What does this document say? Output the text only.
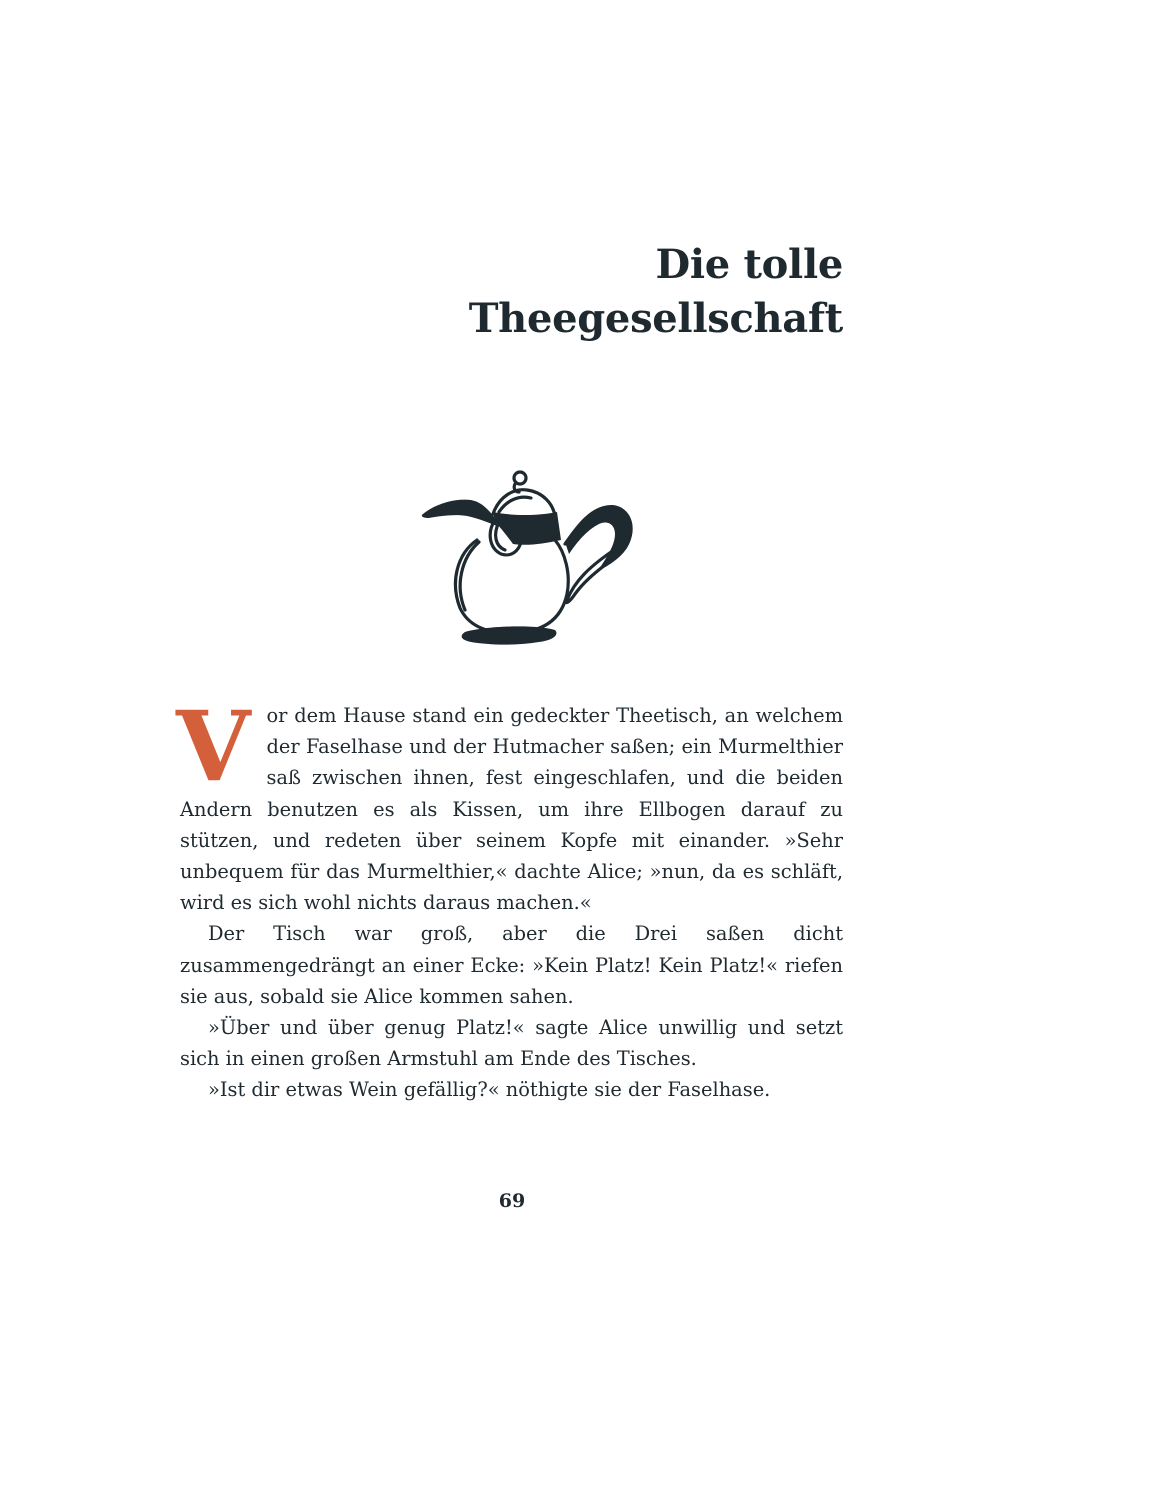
Die tolle
Theegesellschaft

Vor dem Hause stand ein gedeckter Theetisch, an welchem der Faselhase und der Hutmacher saßen; ein Murmelthier saß zwischen ihnen, fest eingeschlafen, und die beiden Andern benutzen es als Kissen, um ihre Ellbogen darauf zu stützen, und redeten über seinem Kopfe mit einander. »Sehr unbequem für das Murmelthier,« dachte Alice; »nun, da es schläft, wird es sich wohl nichts daraus machen.«

Der Tisch war groß, aber die Drei saßen dicht zusammengedrängt an einer Ecke: »Kein Platz! Kein Platz!« riefen sie aus, sobald sie Alice kommen sahen.

»Über und über genug Platz!« sagte Alice unwillig und setzt sich in einen großen Armstuhl am Ende des Tisches.

»Ist dir etwas Wein gefällig?« nöthigte sie der Faselhase.

69
